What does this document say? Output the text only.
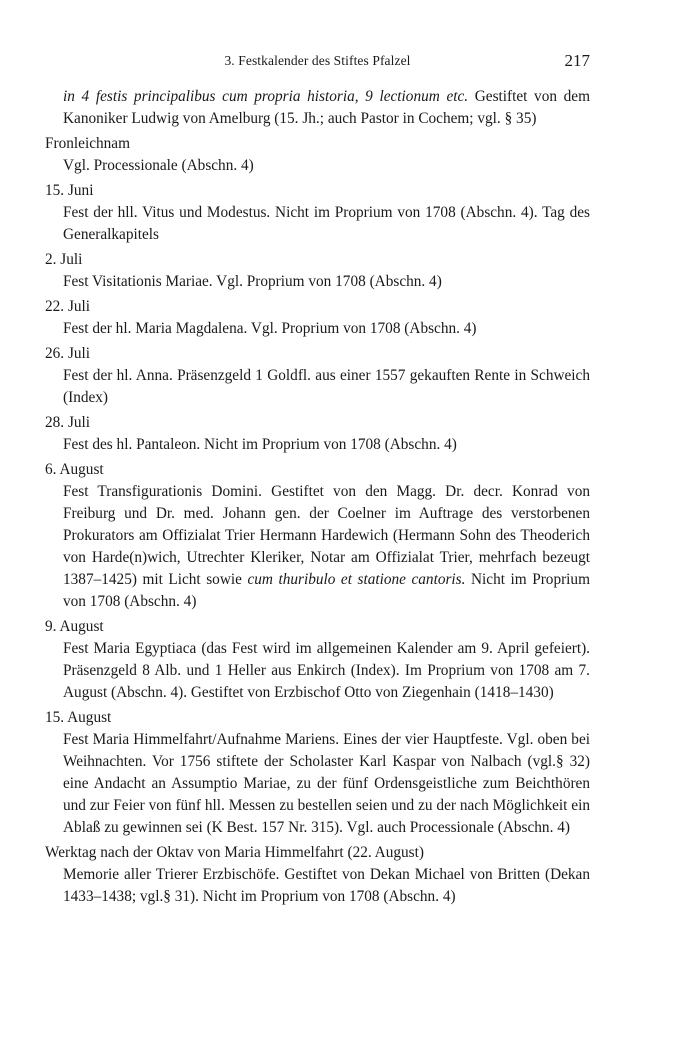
3. Festkalender des Stiftes Pfalzel	217

in 4 festis principalibus cum propria historia, 9 lectionum etc. Gestiftet von dem Kanoniker Ludwig von Amelburg (15. Jh.; auch Pastor in Cochem; vgl. § 35)

Fronleichnam
Vgl. Processionale (Abschn. 4)
15. Juni
Fest der hll. Vitus und Modestus. Nicht im Proprium von 1708 (Abschn. 4). Tag des Generalkapitels
2. Juli
Fest Visitationis Mariae. Vgl. Proprium von 1708 (Abschn. 4)
22. Juli
Fest der hl. Maria Magdalena. Vgl. Proprium von 1708 (Abschn. 4)
26. Juli
Fest der hl. Anna. Präsenzgeld 1 Goldfl. aus einer 1557 gekauften Rente in Schweich (Index)
28. Juli
Fest des hl. Pantaleon. Nicht im Proprium von 1708 (Abschn. 4)
6. August
Fest Transfigurationis Domini. Gestiftet von den Magg. Dr. decr. Konrad von Freiburg und Dr. med. Johann gen. der Coelner im Auftrage des verstorbenen Prokurators am Offizialat Trier Hermann Hardewich (Hermann Sohn des Theoderich von Harde(n)wich, Utrechter Kleriker, Notar am Offizialat Trier, mehrfach bezeugt 1387–1425) mit Licht sowie cum thuribulo et statione cantoris. Nicht im Proprium von 1708 (Abschn. 4)
9. August
Fest Maria Egyptiaca (das Fest wird im allgemeinen Kalender am 9. April gefeiert). Präsenzgeld 8 Alb. und 1 Heller aus Enkirch (Index). Im Proprium von 1708 am 7. August (Abschn. 4). Gestiftet von Erzbischof Otto von Ziegenhain (1418–1430)
15. August
Fest Maria Himmelfahrt/Aufnahme Mariens. Eines der vier Hauptfeste. Vgl. oben bei Weihnachten. Vor 1756 stiftete der Scholaster Karl Kaspar von Nalbach (vgl.§ 32) eine Andacht an Assumptio Mariae, zu der fünf Ordensgeistliche zum Beichthören und zur Feier von fünf hll. Messen zu bestellen seien und zu der nach Möglichkeit ein Ablaß zu gewinnen sei (K Best. 157 Nr. 315). Vgl. auch Processionale (Abschn. 4)
Werktag nach der Oktav von Maria Himmelfahrt (22. August)
Memorie aller Trierer Erzbischöfe. Gestiftet von Dekan Michael von Britten (Dekan 1433–1438; vgl.§ 31). Nicht im Proprium von 1708 (Abschn. 4)
